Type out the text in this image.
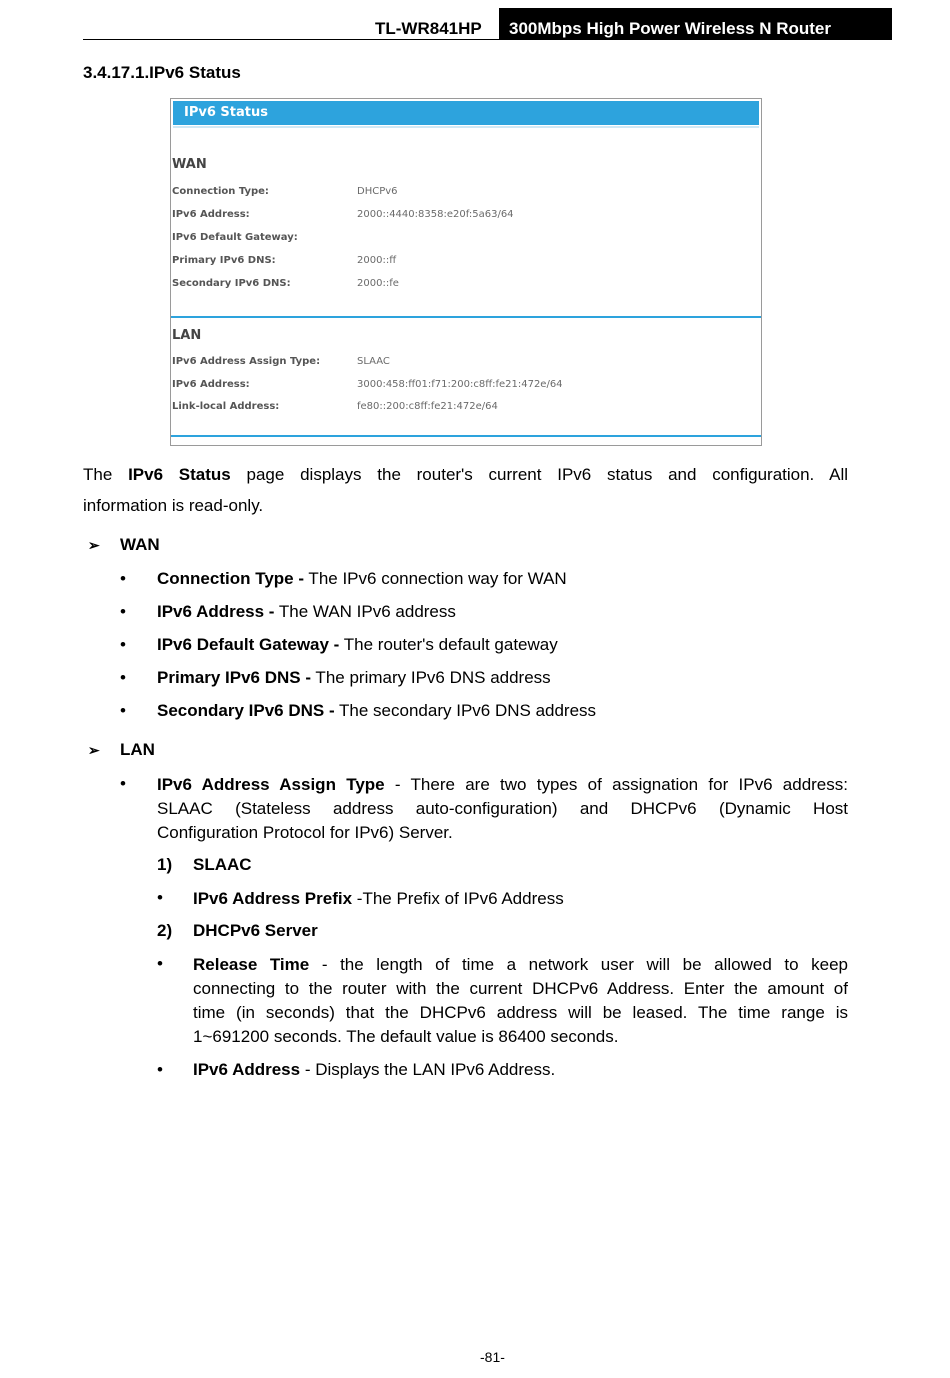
TL-WR841HP 300Mbps High Power Wireless N Router
3.4.17.1.IPv6 Status
IPv6 Status
WAN
Connection Type:	DHCPv6
IPv6 Address:	2000::4440:8358:e20f:5a63/64
IPv6 Default Gateway:
Primary IPv6 DNS:	2000::ff
Secondary IPv6 DNS:	2000::fe
LAN
IPv6 Address Assign Type:	SLAAC
IPv6 Address:	3000:458:ff01:f71:200:c8ff:fe21:472e/64
Link-local Address:	fe80::200:c8ff:fe21:472e/64
The IPv6 Status page displays the router's current IPv6 status and configuration. All
information is read-only.
➢ WAN
• Connection Type - The IPv6 connection way for WAN
• IPv6 Address - The WAN IPv6 address
• IPv6 Default Gateway - The router's default gateway
• Primary IPv6 DNS - The primary IPv6 DNS address
• Secondary IPv6 DNS - The secondary IPv6 DNS address
➢ LAN
• IPv6 Address Assign Type - There are two types of assignation for IPv6 address:
SLAAC (Stateless address auto-configuration) and DHCPv6 (Dynamic Host
Configuration Protocol for IPv6) Server.
1) SLAAC
• IPv6 Address Prefix -The Prefix of IPv6 Address
2) DHCPv6 Server
• Release Time - the length of time a network user will be allowed to keep
connecting to the router with the current DHCPv6 Address. Enter the amount of
time (in seconds) that the DHCPv6 address will be leased. The time range is
1~691200 seconds. The default value is 86400 seconds.
• IPv6 Address - Displays the LAN IPv6 Address.
-81-
